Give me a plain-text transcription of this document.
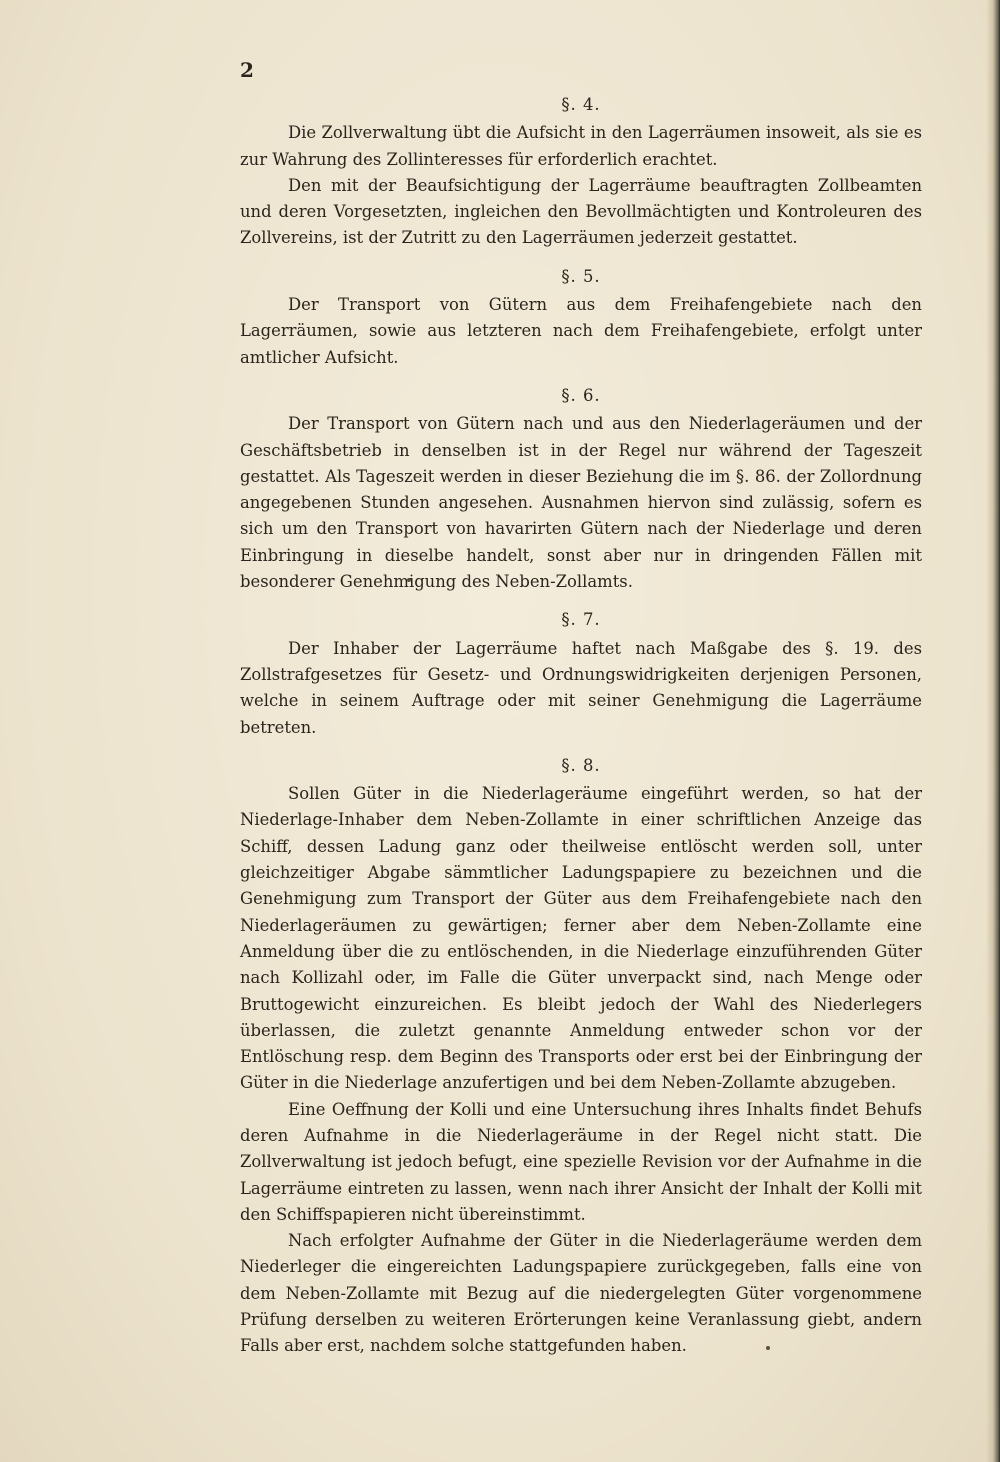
2
§. 4.

Die Zollverwaltung übt die Aufsicht in den Lagerräumen insoweit, als sie es zur Wahrung des Zollinteresses für erforderlich erachtet.

Den mit der Beaufsichtigung der Lagerräume beauftragten Zollbeamten und deren Vorgesetzten, ingleichen den Bevollmächtigten und Kontroleuren des Zollvereins, ist der Zutritt zu den Lagerräumen jederzeit gestattet.

§. 5.

Der Transport von Gütern aus dem Freihafengebiete nach den Lagerräumen, sowie aus letzteren nach dem Freihafengebiete, erfolgt unter amtlicher Aufsicht.

§. 6.

Der Transport von Gütern nach und aus den Niederlageräumen und der Geschäftsbetrieb in denselben ist in der Regel nur während der Tageszeit gestattet. Als Tageszeit werden in dieser Beziehung die im §. 86. der Zollordnung angegebenen Stunden angesehen. Ausnahmen hiervon sind zulässig, sofern es sich um den Transport von havarirten Gütern nach der Niederlage und deren Einbringung in dieselbe handelt, sonst aber nur in dringenden Fällen mit besonderer Genehmigung des Neben-Zollamts.

§. 7.

Der Inhaber der Lagerräume haftet nach Maßgabe des §. 19. des Zollstrafgesetzes für Gesetz- und Ordnungswidrigkeiten derjenigen Personen, welche in seinem Auftrage oder mit seiner Genehmigung die Lagerräume betreten.

§. 8.

Sollen Güter in die Niederlageräume eingeführt werden, so hat der Niederlage-Inhaber dem Neben-Zollamte in einer schriftlichen Anzeige das Schiff, dessen Ladung ganz oder theilweise entlöscht werden soll, unter gleichzeitiger Abgabe sämmtlicher Ladungspapiere zu bezeichnen und die Genehmigung zum Transport der Güter aus dem Freihafengebiete nach den Niederlageräumen zu gewärtigen; ferner aber dem Neben-Zollamte eine Anmeldung über die zu entlöschenden, in die Niederlage einzuführenden Güter nach Kollizahl oder, im Falle die Güter unverpackt sind, nach Menge oder Bruttogewicht einzureichen. Es bleibt jedoch der Wahl des Niederlegers überlassen, die zuletzt genannte Anmeldung entweder schon vor der Entlöschung resp. dem Beginn des Transports oder erst bei der Einbringung der Güter in die Niederlage anzufertigen und bei dem Neben-Zollamte abzugeben.

Eine Oeffnung der Kolli und eine Untersuchung ihres Inhalts findet Behufs deren Aufnahme in die Niederlageräume in der Regel nicht statt. Die Zollverwaltung ist jedoch befugt, eine spezielle Revision vor der Aufnahme in die Lagerräume eintreten zu lassen, wenn nach ihrer Ansicht der Inhalt der Kolli mit den Schiffspapieren nicht übereinstimmt.

Nach erfolgter Aufnahme der Güter in die Niederlageräume werden dem Niederleger die eingereichten Ladungspapiere zurückgegeben, falls eine von dem Neben-Zollamte mit Bezug auf die niedergelegten Güter vorgenommene Prüfung derselben zu weiteren Erörterungen keine Veranlassung giebt, andern Falls aber erst, nachdem solche stattgefunden haben.
